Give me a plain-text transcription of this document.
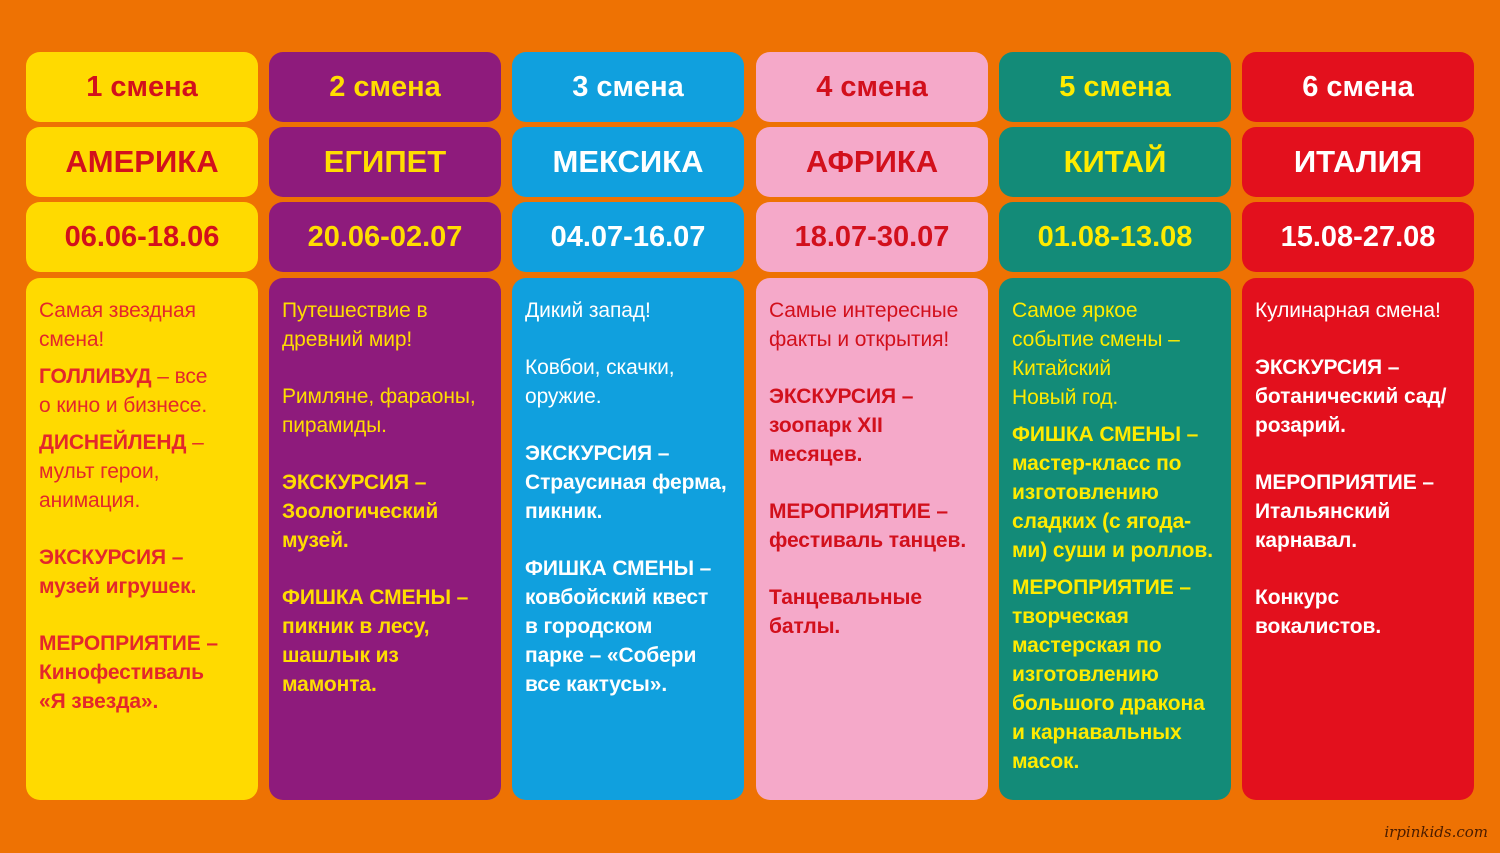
1 смена
АМЕРИКА
06.06-18.06
Самая звездная
смена!
ГОЛЛИВУД – все
о кино и бизнесе.
ДИСНЕЙЛЕНД –
мульт герои,
анимация.
ЭКСКУРСИЯ –
музей игрушек.
МЕРОПРИЯТИЕ –
Кинофестиваль
«Я звезда».
2 смена
ЕГИПЕТ
20.06-02.07
Путешествие в
древний мир!
Римляне, фараоны,
пирамиды.
ЭКСКУРСИЯ –
Зоологический
музей.
ФИШКА СМЕНЫ –
пикник в лесу,
шашлык из
мамонта.
3 смена
МЕКСИКА
04.07-16.07
Дикий запад!
Ковбои, скачки,
оружие.
ЭКСКУРСИЯ –
Страусиная ферма,
пикник.
ФИШКА СМЕНЫ –
ковбойский квест
в городском
парке – «Собери
все кактусы».
4 смена
АФРИКА
18.07-30.07
Самые интересные
факты и открытия!
ЭКСКУРСИЯ –
зоопарк XII
месяцев.
МЕРОПРИЯТИЕ –
фестиваль танцев.
Танцевальные
батлы.
5 смена
КИТАЙ
01.08-13.08
Самое яркое
событие смены –
Китайский
Новый год.
ФИШКА СМЕНЫ –
мастер-класс по
изготовлению
сладких (с ягода-
ми) суши и роллов.
МЕРОПРИЯТИЕ –
творческая
мастерская по
изготовлению
большого дракона
и карнавальных
масок.
6 смена
ИТАЛИЯ
15.08-27.08
Кулинарная смена!
ЭКСКУРСИЯ –
ботанический сад/
розарий.
МЕРОПРИЯТИЕ –
Итальянский
карнавал.
Конкурс
вокалистов.
irpinkids.com
